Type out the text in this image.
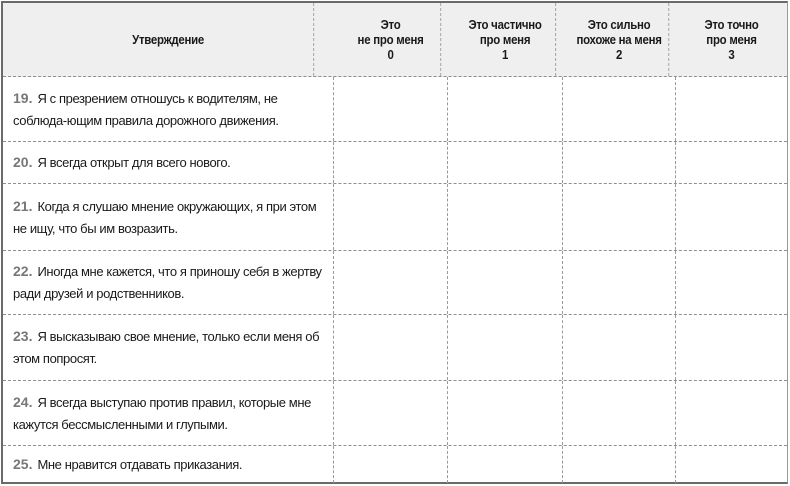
Утверждение
Это
не про меня
0
Это частично
про меня
1
Это сильно
похоже на меня
2
Это точно
про меня
3
19. Я с презрением отношусь к водителям, не соблюда-ющим правила дорожного движения.
20. Я всегда открыт для всего нового.
21. Когда я слушаю мнение окружающих, я при этом не ищу, что бы им возразить.
22. Иногда мне кажется, что я приношу себя в жертву ради друзей и родственников.
23. Я высказываю свое мнение, только если меня об этом попросят.
24. Я всегда выступаю против правил, которые мне кажутся бессмысленными и глупыми.
25. Мне нравится отдавать приказания.
